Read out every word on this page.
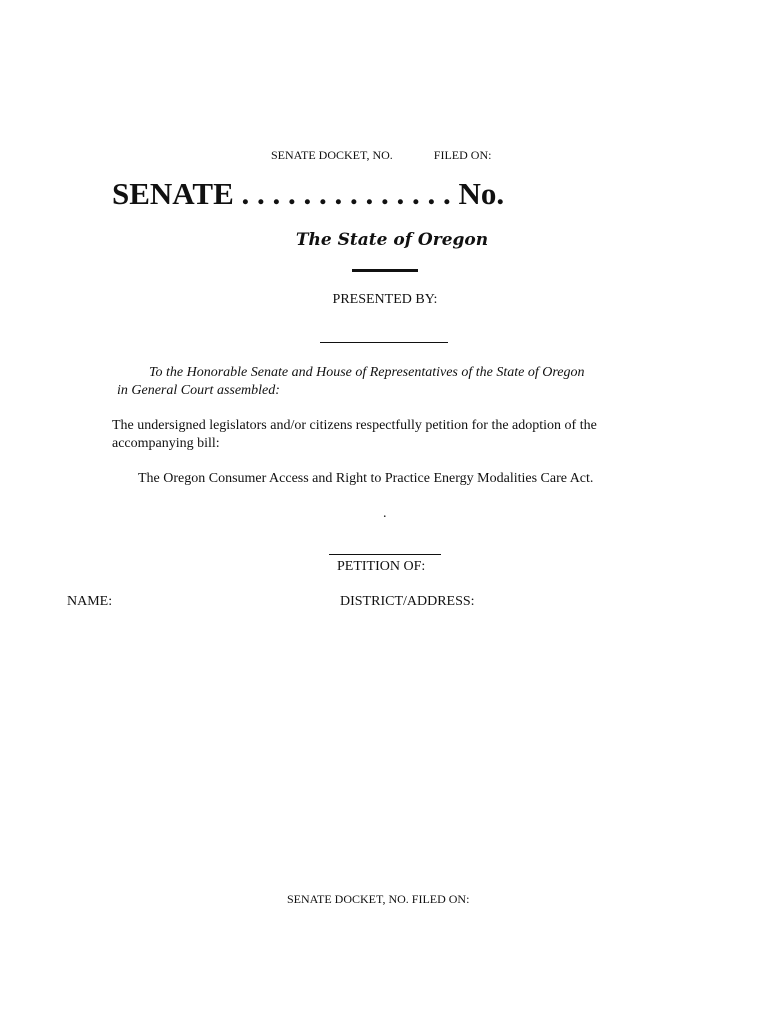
SENATE DOCKET, NO.	FILED ON:
SENATE . . . . . . . . . . . . . . No.
The State of Oregon
PRESENTED BY:
To the Honorable Senate and House of Representatives of the State of Oregon
in General Court assembled:
The undersigned legislators and/or citizens respectfully petition for the adoption of the accompanying bill:
The Oregon Consumer Access and Right to Practice Energy Modalities Care Act.
.
PETITION OF:
NAME:	DISTRICT/ADDRESS:
SENATE DOCKET, NO. FILED ON:
